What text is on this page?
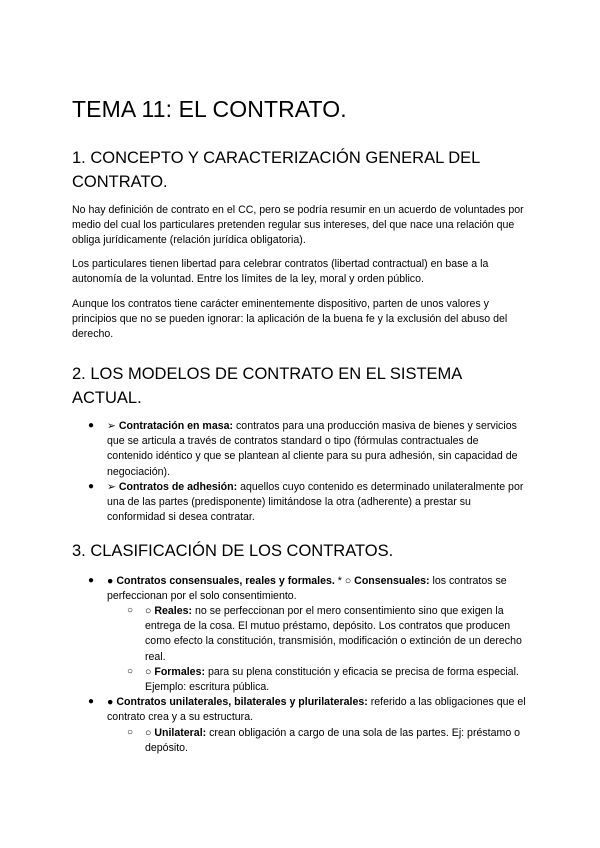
TEMA 11: EL CONTRATO.
1. CONCEPTO Y CARACTERIZACIÓN GENERAL DEL CONTRATO.

No hay definición de contrato en el CC, pero se podría resumir en un acuerdo de voluntades por medio del cual los particulares pretenden regular sus intereses, del que nace una relación que obliga jurídicamente (relación jurídica obligatoria).

Los particulares tienen libertad para celebrar contratos (libertad contractual) en base a la autonomía de la voluntad. Entre los límites de la ley, moral y orden público.

Aunque los contratos tiene carácter eminentemente dispositivo, parten de unos valores y principios que no se pueden ignorar: la aplicación de la buena fe y la exclusión del abuso del derecho.

2. LOS MODELOS DE CONTRATO EN EL SISTEMA ACTUAL.
● ➢ Contratación en masa: contratos para una producción masiva de bienes y servicios que se articula a través de contratos standard o tipo (fórmulas contractuales de contenido idéntico y que se plantean al cliente para su pura adhesión, sin capacidad de negociación).
● ➢ Contratos de adhesión: aquellos cuyo contenido es determinado unilateralmente por una de las partes (predisponente) limitándose la otra (adherente) a prestar su conformidad si desea contratar.
3. CLASIFICACIÓN DE LOS CONTRATOS.
● ● Contratos consensuales, reales y formales. * ○ Consensuales: los contratos se perfeccionan por el solo consentimiento.
○ ○ Reales: no se perfeccionan por el mero consentimiento sino que exigen la entrega de la cosa. El mutuo préstamo, depósito. Los contratos que producen como efecto la constitución, transmisión, modificación o extinción de un derecho real.
○ ○ Formales: para su plena constitución y eficacia se precisa de forma especial. Ejemplo: escritura pública.
● ● Contratos unilaterales, bilaterales y plurilaterales: referido a las obligaciones que el contrato crea y a su estructura.
○ ○ Unilateral: crean obligación a cargo de una sola de las partes. Ej: préstamo o depósito.
